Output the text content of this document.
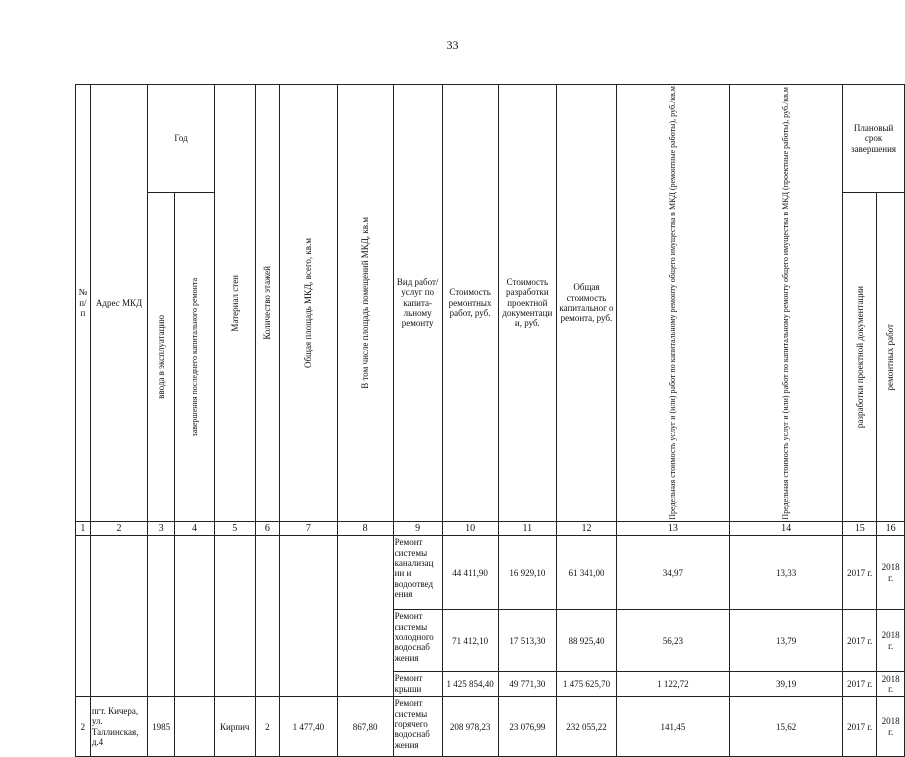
33
№ п/ п	Адрес МКД	Год		Материал стен	Количество этажей	Общая площадь МКД, всего, кв.м	В том числе площадь помещений МКД, кв.м	Вид работ/ услуг по капита-льному ремонту	Стоимость ремонтных работ, руб.	Стоимость разработки проектной документаци и, руб.	Общая стоимость капитальног о ремонта, руб.	Предельная стоимость услуг и (или) работ по капитальному ремонту общего имущества в МКД (ремонтные работы), руб./кв.м	Предельная стоимость услуг и (или) работ по капитальному ремонту общего имущества в МКД (проектные работы), руб./кв.м	Плановый срок завершения	

		ввода в эксплуатацию	завершения последнего капитального ремонта											разработки проектной документации	ремонтных работ

1	2	3	4	5	6	7	8	9	10	11	12	13	14	15	16
								Ремонт системы канализац ии и водоотвед ения	44 411,90	16 929,10	61 341,00	34,97	13,33	2017 г.	2018 г.
								Ремонт системы холодного водоснаб жения	71 412,10	17 513,30	88 925,40	56,23	13,79	2017 г.	2018 г.
								Ремонт крыши	1 425 854,40	49 771,30	1 475 625,70	1 122,72	39,19	2017 г.	2018 г.
2	пгт. Кичера, ул. Таллинская, д.4	1985		Кирпич	2	1 477,40	867,80	Ремонт системы горячего водоснаб жения	208 978,23	23 076,99	232 055,22	141,45	15,62	2017 г.	2018 г.
